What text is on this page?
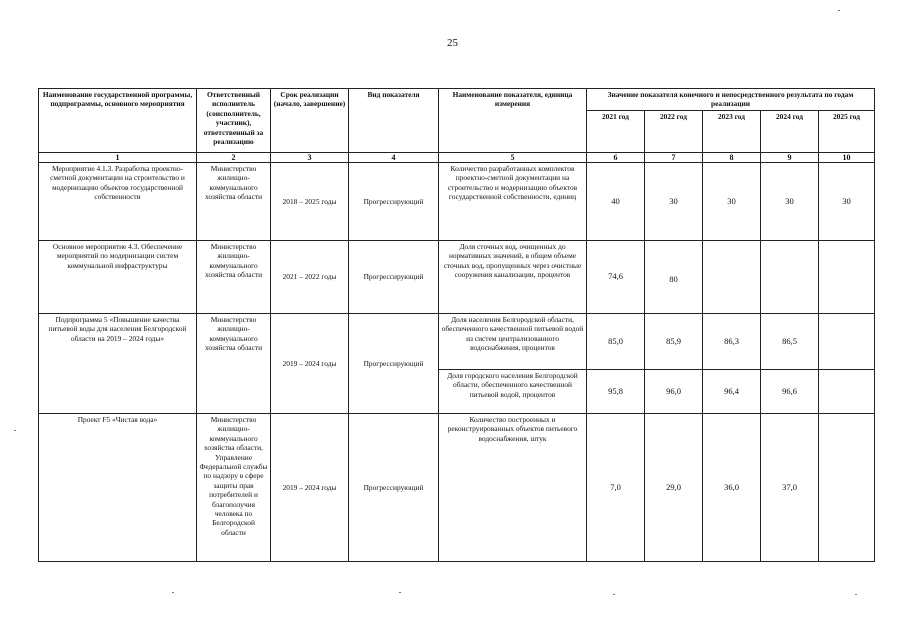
25
Наименование государственной программы, подпрограммы, основного мероприятия	Ответственный исполнитель (соисполнитель, участник), ответственный за реализацию	Срок реализации (начало, завершение)	Вид показателя	Наименование показателя, единица измерения	Значение показателя конечного и непосредственного результата по годам реализации				
					2021 год	2022 год	2023 год	2024 год	2025 год
1	2	3	4	5	6	7	8	9	10
Мероприятие 4.1.3. Разработка проектно-сметной документации на строительство и модернизацию объектов государственной собственности	Министерство жилищно-коммунального хозяйства области	2018 – 2025 годы	Прогрессирующий	Количество разработанных комплектов проектно-сметной документации на строительство и модернизацию объектов государственной собственности, единиц	40	30	30	30	30
Основное мероприятие 4.3. Обеспечение мероприятий по модернизации систем коммунальной инфраструктуры	Министерство жилищно-коммунального хозяйства области	2021 – 2022 годы	Прогрессирующий	Доля сточных вод, очищенных до нормативных значений, в общем объеме сточных вод, пропущенных через очистные сооружения канализации, процентов	74,6	80			
Подпрограмма 5 «Повышение качества питьевой воды для населения Белгородской области на 2019 – 2024 годы»	Министерство жилищно-коммунального хозяйства области	2019 – 2024 годы	Прогрессирующий	Доля населения Белгородской области, обеспеченного качественной питьевой водой из систем централизованного водоснабжения, процентов	85,0	85,9	86,3	86,5	
				Доля городского населения Белгородской области, обеспеченного качественной питьевой водой, процентов	95,8	96,0	96,4	96,6	
Проект F5 «Чистая вода»	Министерство жилищно-коммунального хозяйства области, Управление Федеральной службы по надзору в сфере защиты прав потребителей и благополучия человека по Белгородской области	2019 – 2024 годы	Прогрессирующий	Количество построенных и реконструированных объектов питьевого водоснабжения, штук	7,0	29,0	36,0	37,0	
